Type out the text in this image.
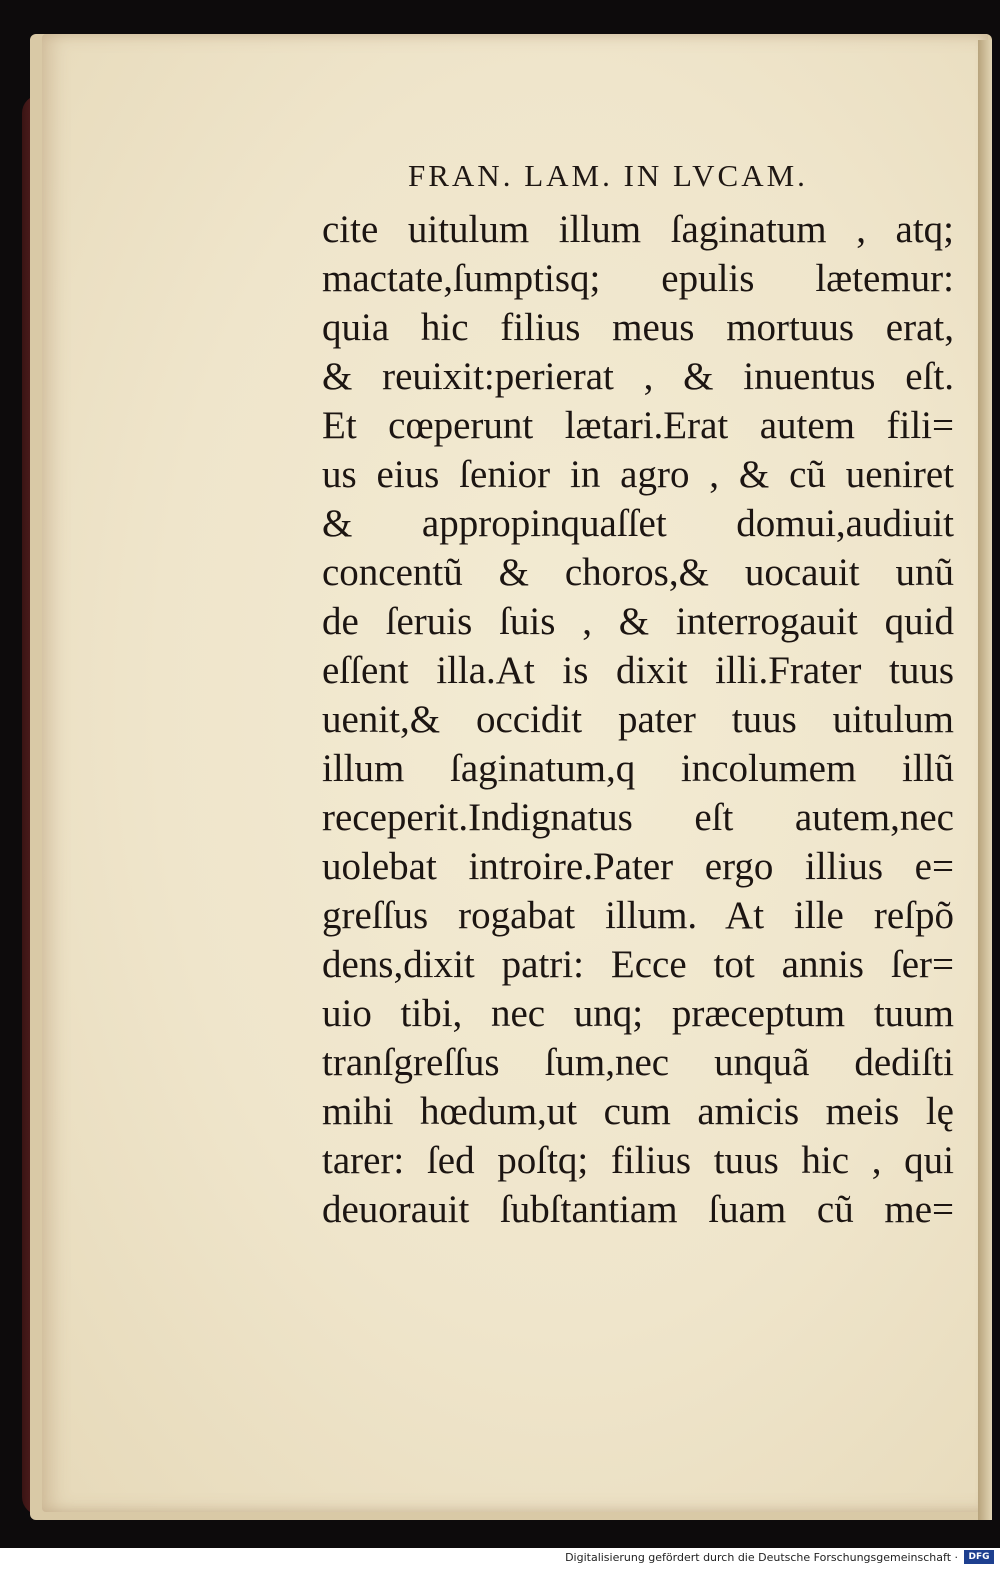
FRAN. LAM. IN LVCAM.
cite uitulum illum ſaginatum , atq;
mactate,ſumptisq; epulis lætemur:
quia hic filius meus mortuus erat,
& reuixit:perierat , & inuentus eſt.
Et cœperunt lætari.Erat autem fili=
us eius ſenior in agro , & cũ ueniret
& appropinquaſſet domui,audiuit
concentũ & choros,& uocauit unũ
de ſeruis ſuis , & interrogauit quid
eſſent illa.At is dixit illi.Frater tuus
uenit,& occidit pater tuus uitulum
illum ſaginatum,q incolumem illũ
receperit.Indignatus eſt autem,nec
uolebat introire.Pater ergo illius e=
greſſus rogabat illum. At ille reſpõ
dens,dixit patri: Ecce tot annis ſer=
uio tibi, nec unq; præceptum tuum
tranſgreſſus ſum,nec unquã dediſti
mihi hœdum,ut cum amicis meis lę
tarer: ſed poſtq; filius tuus hic , qui
deuorauit ſubſtantiam ſuam cũ me=
Digitalisierung gefördert durch die Deutsche Forschungsgemeinschaft ·	DFG
